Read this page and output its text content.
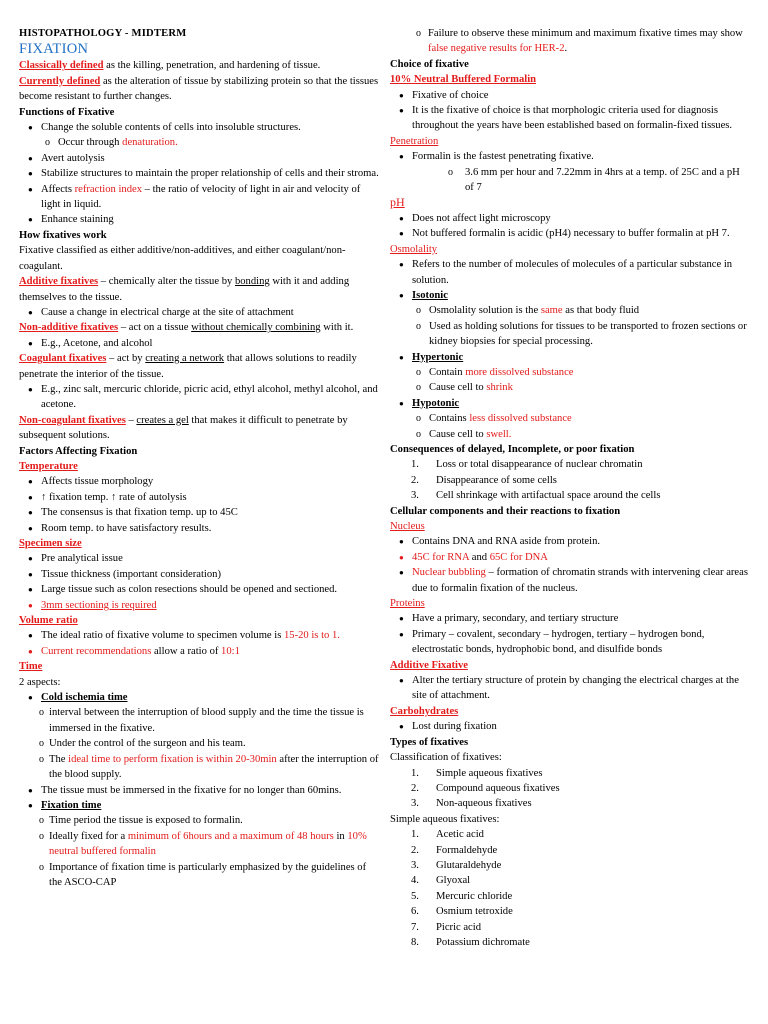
HISTOPATHOLOGY - MIDTERM

FIXATION

Classically defined as the killing, penetration, and hardening of tissue.

Currently defined as the alteration of tissue by stabilizing protein so that the tissues become resistant to further changes.

Functions of Fixative

● Change the soluble contents of cells into insoluble structures.
o Occur through denaturation.
● Avert autolysis
● Stabilize structures to maintain the proper relationship of cells and their stroma.
● Affects refraction index – the ratio of velocity of light in air and velocity of light in liquid.
● Enhance staining

How fixatives work

Fixative classified as either additive/non-additives, and either coagulant/non-coagulant.

Additive fixatives – chemically alter the tissue by bonding with it and adding themselves to the tissue.

● Cause a change in electrical charge at the site of attachment

Non-additive fixatives – act on a tissue without chemically combining with it.

● E.g., Acetone, and alcohol

Coagulant fixatives – act by creating a network that allows solutions to readily penetrate the interior of the tissue.

● E.g., zinc salt, mercuric chloride, picric acid, ethyl alcohol, methyl alcohol, and acetone.

Non-coagulant fixatives – creates a gel that makes it difficult to penetrate by subsequent solutions.

Factors Affecting Fixation

Temperature

● Affects tissue morphology
● ↑ fixation temp. ↑ rate of autolysis
● The consensus is that fixation temp. up to 45C
● Room temp. to have satisfactory results.

Specimen size

● Pre analytical issue
● Tissue thickness (important consideration)
● Large tissue such as colon resections should be opened and sectioned.
● 3mm sectioning is required

Volume ratio

● The ideal ratio of fixative volume to specimen volume is 15-20 is to 1.
● Current recommendations allow a ratio of 10:1

Time

2 aspects:

● Cold ischemia time
o interval between the interruption of blood supply and the time the tissue is immersed in the fixative.
o Under the control of the surgeon and his team.
o The ideal time to perform fixation is within 20-30min after the interruption of the blood supply.
● The tissue must be immersed in the fixative for no longer than 60mins.
● Fixation time
o Time period the tissue is exposed to formalin.
o Ideally fixed for a minimum of 6hours and a maximum of 48 hours in 10% neutral buffered formalin
o Importance of fixation time is particularly emphasized by the guidelines of the ASCO-CAP
o Failure to observe these minimum and maximum fixative times may show false negative results for HER-2.

Choice of fixative

10% Neutral Buffered Formalin

● Fixative of choice
● It is the fixative of choice is that morphologic criteria used for diagnosis throughout the years have been established based on formalin-fixed tissues.

Penetration

● Formalin is the fastest penetrating fixative.
o 3.6 mm per hour and 7.22mm in 4hrs at a temp. of 25C and a pH of 7

pH

● Does not affect light microscopy
● Not buffered formalin is acidic (pH4) necessary to buffer formalin at pH 7.

Osmolality

● Refers to the number of molecules of molecules of a particular substance in solution.
● Isotonic
o Osmolality solution is the same as that body fluid
o Used as holding solutions for tissues to be transported to frozen sections or kidney biopsies for special processing.
● Hypertonic
o Contain more dissolved substance
o Cause cell to shrink
● Hypotonic
o Contains less dissolved substance
o Cause cell to swell.

Consequences of delayed, Incomplete, or poor fixation

1. Loss or total disappearance of nuclear chromatin
2. Disappearance of some cells
3. Cell shrinkage with artifactual space around the cells

Cellular components and their reactions to fixation

Nucleus

● Contains DNA and RNA aside from protein.
● 45C for RNA and 65C for DNA
● Nuclear bubbling – formation of chromatin strands with intervening clear areas due to formalin fixation of the nucleus.

Proteins

● Have a primary, secondary, and tertiary structure
● Primary – covalent, secondary – hydrogen, tertiary – hydrogen bond, electrostatic bonds, hydrophobic bond, and disulfide bonds

Additive Fixative

● Alter the tertiary structure of protein by changing the electrical charges at the site of attachment.

Carbohydrates

● Lost during fixation

Types of fixatives

Classification of fixatives:

1. Simple aqueous fixatives
2. Compound aqueous fixatives
3. Non-aqueous fixatives

Simple aqueous fixatives:

1. Acetic acid
2. Formaldehyde
3. Glutaraldehyde
4. Glyoxal
5. Mercuric chloride
6. Osmium tetroxide
7. Picric acid
8. Potassium dichromate
